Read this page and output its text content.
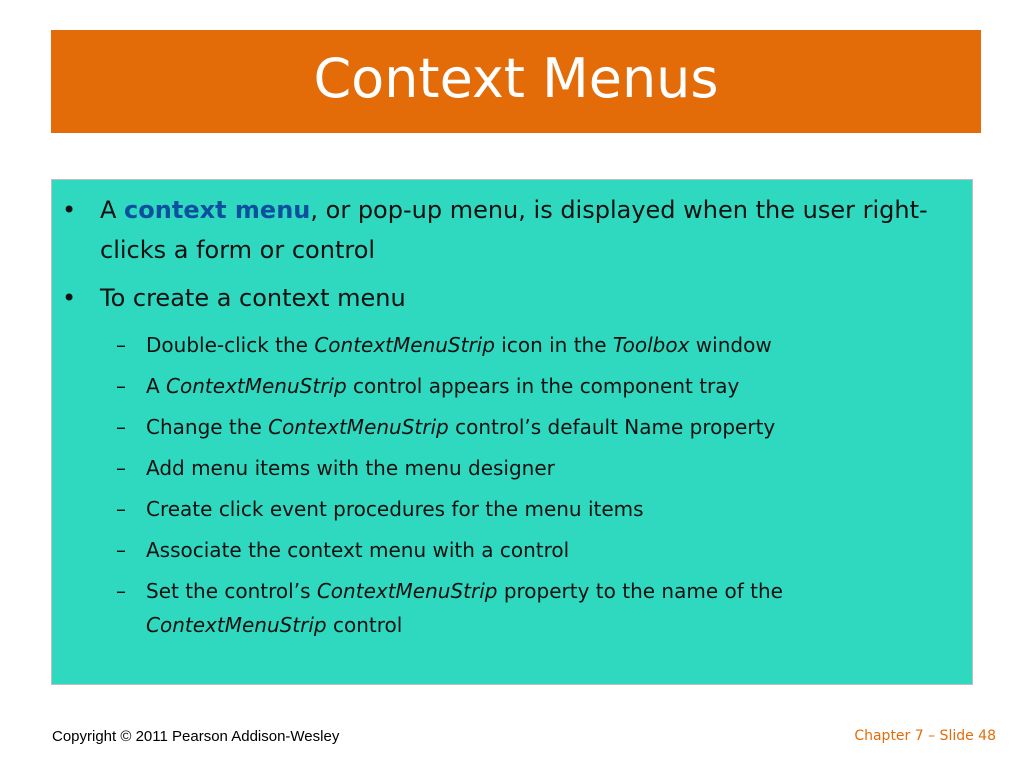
Context Menus
• A context menu, or pop-up menu, is displayed when the user right-clicks a form or control
• To create a context menu
– Double-click the ContextMenuStrip icon in the Toolbox window
– A ContextMenuStrip control appears in the component tray
– Change the ContextMenuStrip control’s default Name property
– Add menu items with the menu designer
– Create click event procedures for the menu items
– Associate the context menu with a control
– Set the control’s ContextMenuStrip property to the name of the ContextMenuStrip control
Copyright © 2011 Pearson Addison-Wesley	Chapter 7 – Slide 48
